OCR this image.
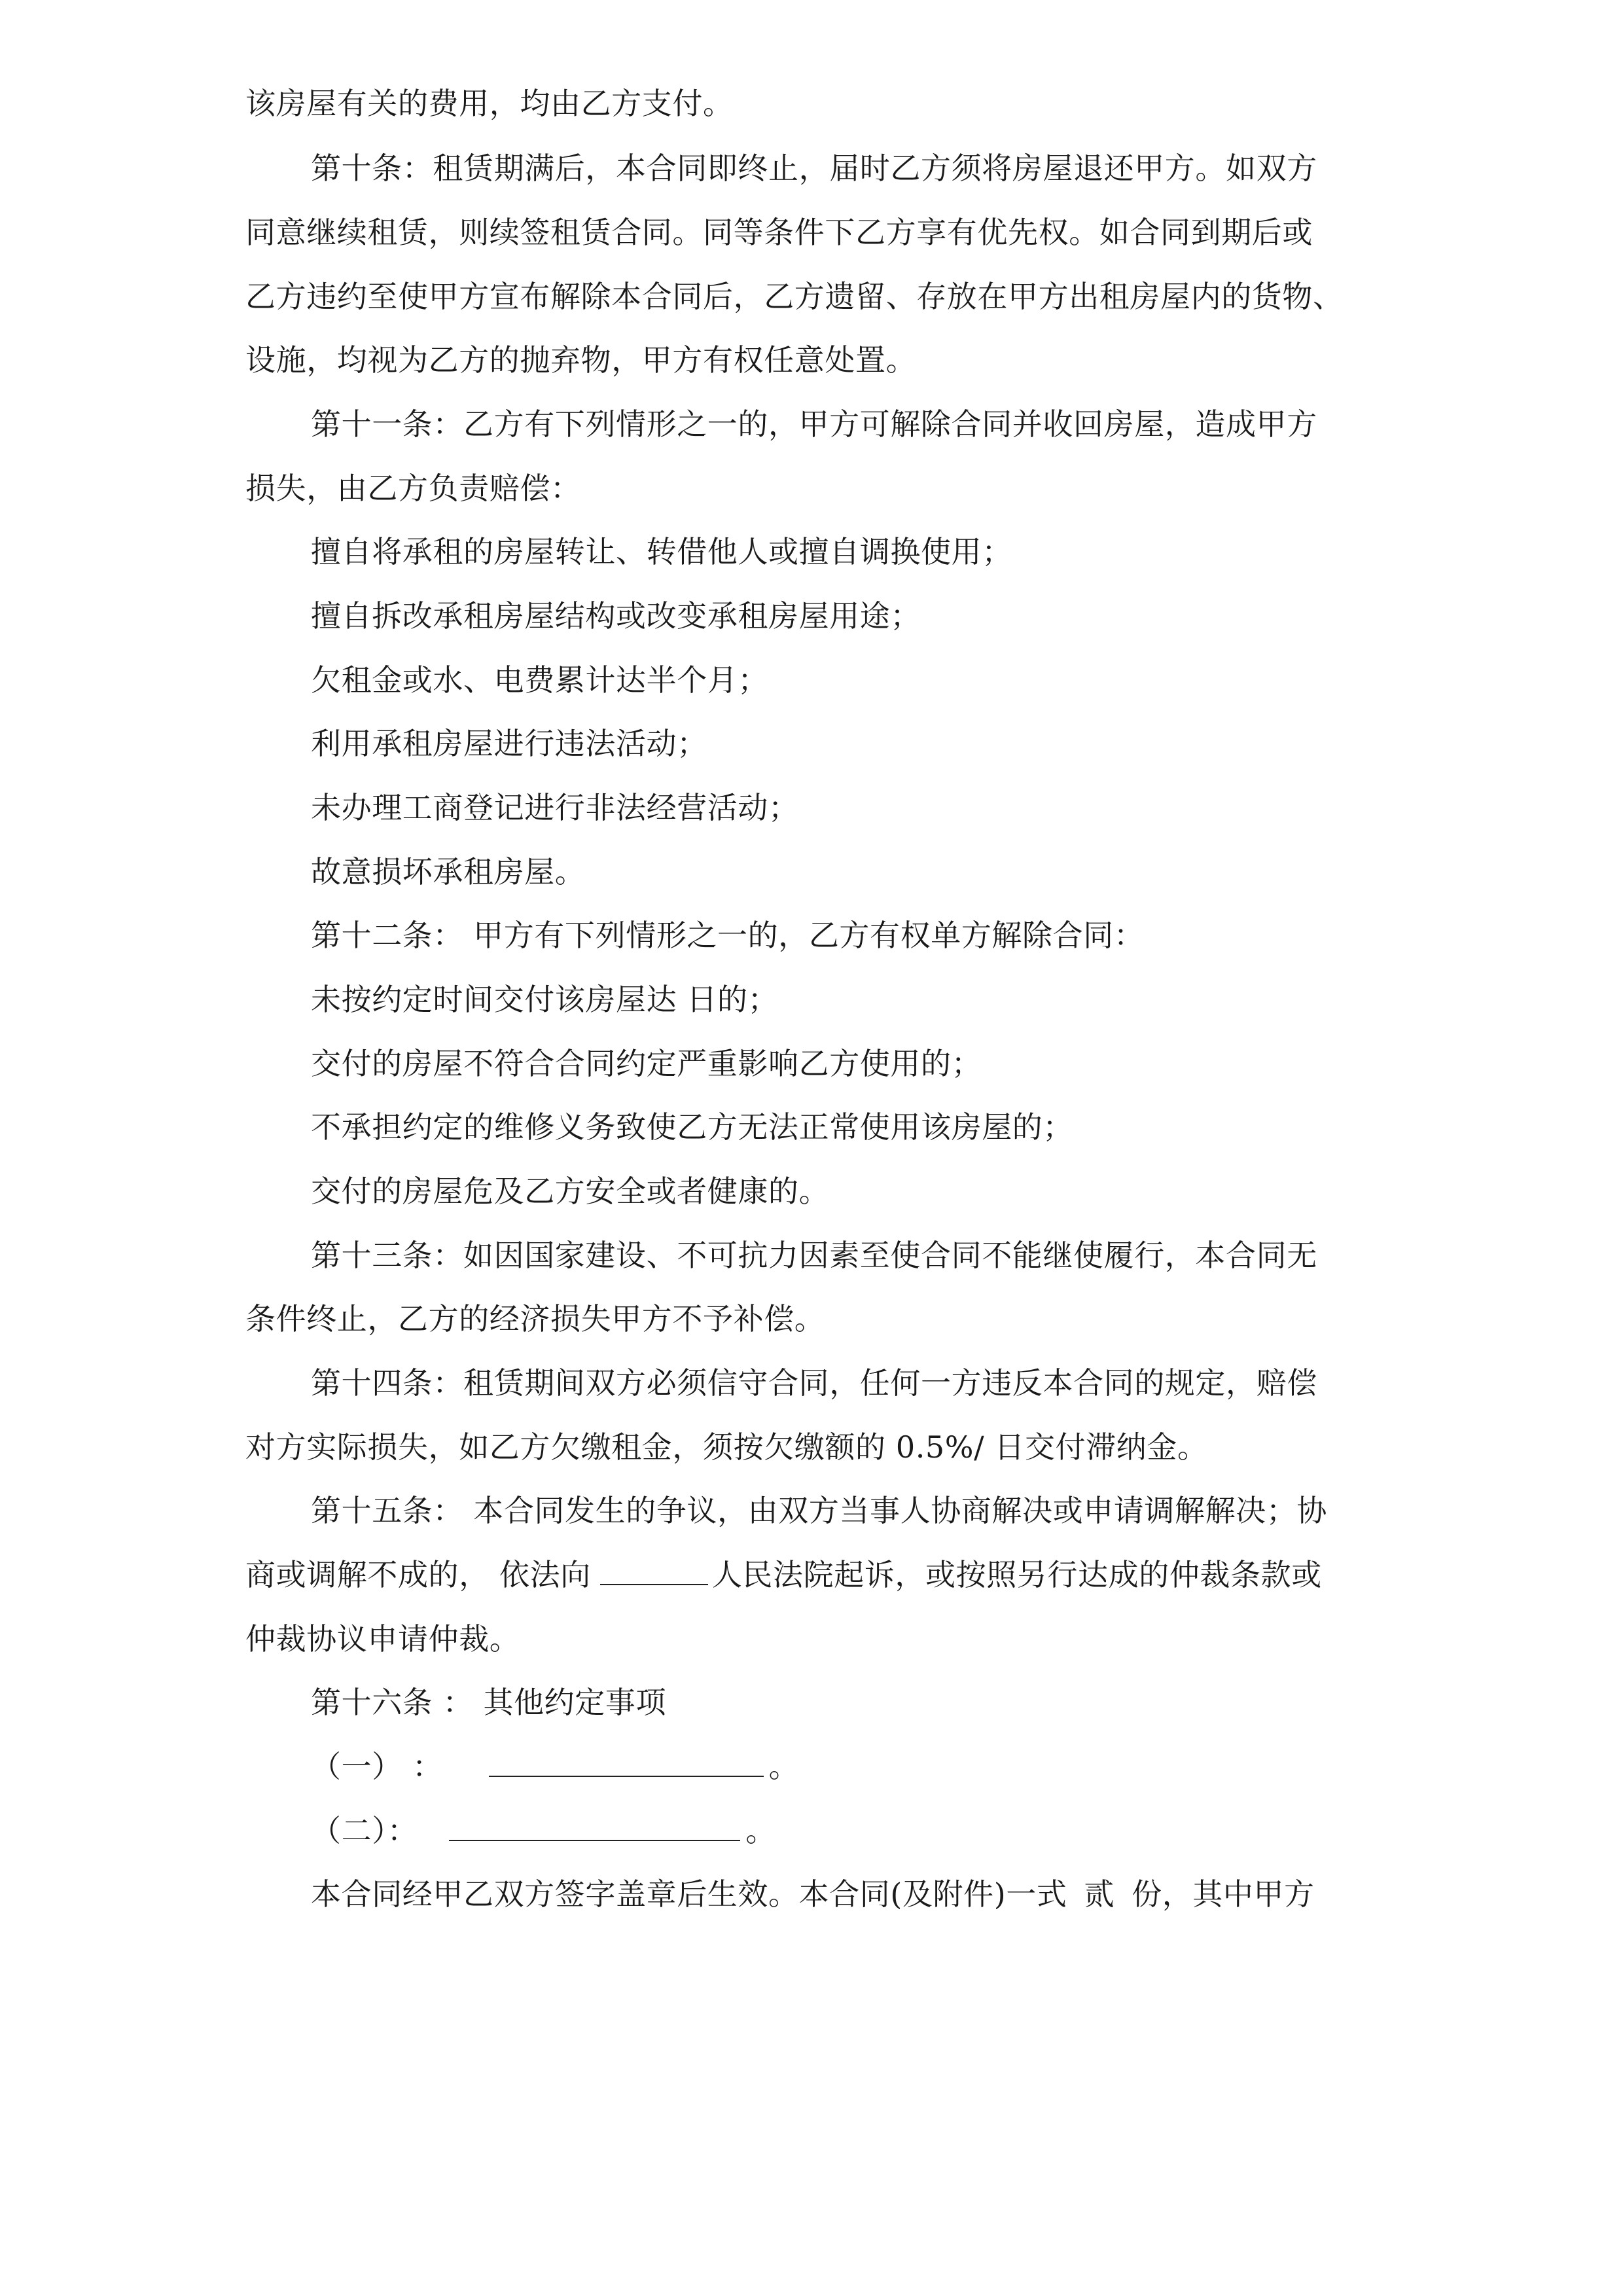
该房屋有关的费用，均由乙方支付。

第十条：租赁期满后，本合同即终止，届时乙方须将房屋退还甲方。如双方

同意继续租赁，则续签租赁合同。同等条件下乙方享有优先权。如合同到期后或

乙方违约至使甲方宣布解除本合同后，乙方遗留、存放在甲方出租房屋内的货物、

设施，均视为乙方的抛弃物，甲方有权任意处置。

第十一条：乙方有下列情形之一的，甲方可解除合同并收回房屋，造成甲方

损失，由乙方负责赔偿：

擅自将承租的房屋转让、转借他人或擅自调换使用；

擅自拆改承租房屋结构或改变承租房屋用途；

欠租金或水、电费累计达半个月；

利用承租房屋进行违法活动；

未办理工商登记进行非法经营活动；

故意损坏承租房屋。

第十二条： 甲方有下列情形之一的，乙方有权单方解除合同：

未按约定时间交付该房屋达 日的；

交付的房屋不符合合同约定严重影响乙方使用的；

不承担约定的维修义务致使乙方无法正常使用该房屋的；

交付的房屋危及乙方安全或者健康的。

第十三条：如因国家建设、不可抗力因素至使合同不能继使履行，本合同无

条件终止，乙方的经济损失甲方不予补偿。

第十四条：租赁期间双方必须信守合同，任何一方违反本合同的规定，赔偿

对方实际损失，如乙方欠缴租金，须按欠缴额的 0.5%/ 日交付滞纳金。

第十五条： 本合同发生的争议，由双方当事人协商解决或申请调解解决；协

商或调解不成的， 依法向	人民法院起诉，或按照另行达成的仲裁条款或

仲裁协议申请仲裁。

第十六条 ： 其他约定事项

（一） ：	。

（二）：	。

本合同经甲乙双方签字盖章后生效。本合同(及附件)一式 贰 份，其中甲方
